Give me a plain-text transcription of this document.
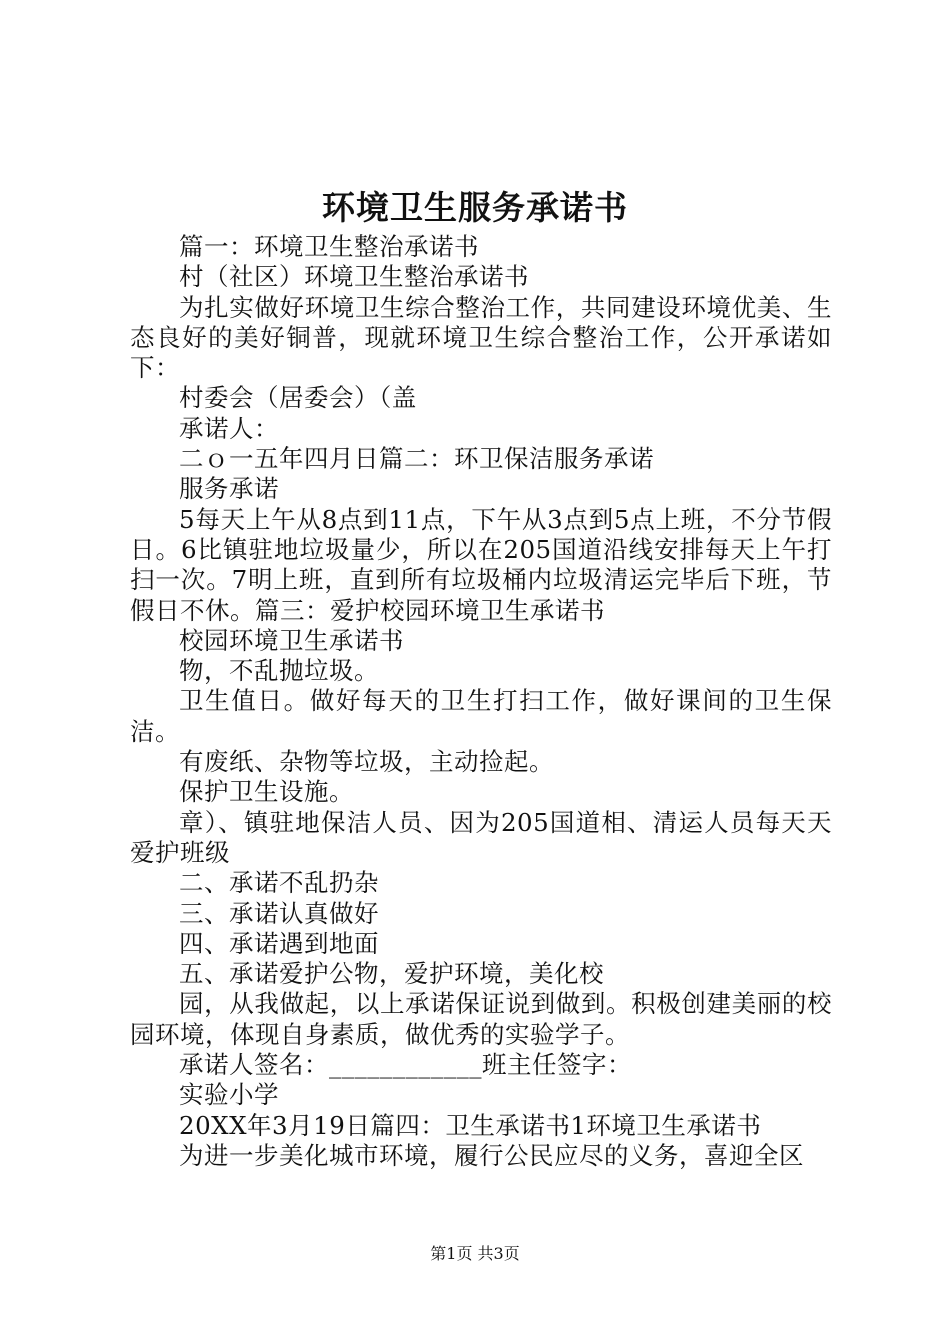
环境卫生服务承诺书

篇一：环境卫生整治承诺书

村（社区）环境卫生整治承诺书

为扎实做好环境卫生综合整治工作，共同建设环境优美、生态良好的美好铜普，现就环境卫生综合整治工作，公开承诺如下：

村委会（居委会）（盖

承诺人：

二ｏ一五年四月日篇二：环卫保洁服务承诺

服务承诺

5每天上午从8点到11点，下午从3点到5点上班，不分节假日。6比镇驻地垃圾量少，所以在205国道沿线安排每天上午打扫一次。7明上班，直到所有垃圾桶内垃圾清运完毕后下班，节假日不休。篇三：爱护校园环境卫生承诺书

校园环境卫生承诺书

物，不乱抛垃圾。

卫生值日。做好每天的卫生打扫工作，做好课间的卫生保洁。

有废纸、杂物等垃圾，主动捡起。

保护卫生设施。

章）、镇驻地保洁人员、因为205国道相、清运人员每天天爱护班级

二、承诺不乱扔杂

三、承诺认真做好

四、承诺遇到地面

五、承诺爱护公物，爱护环境，美化校

园，从我做起，以上承诺保证说到做到。积极创建美丽的校园环境，体现自身素质，做优秀的实验学子。

承诺人签名：____________班主任签字：

实验小学

20XX年3月19日篇四：卫生承诺书1环境卫生承诺书

为进一步美化城市环境，履行公民应尽的义务，喜迎全区

第1页 共3页
